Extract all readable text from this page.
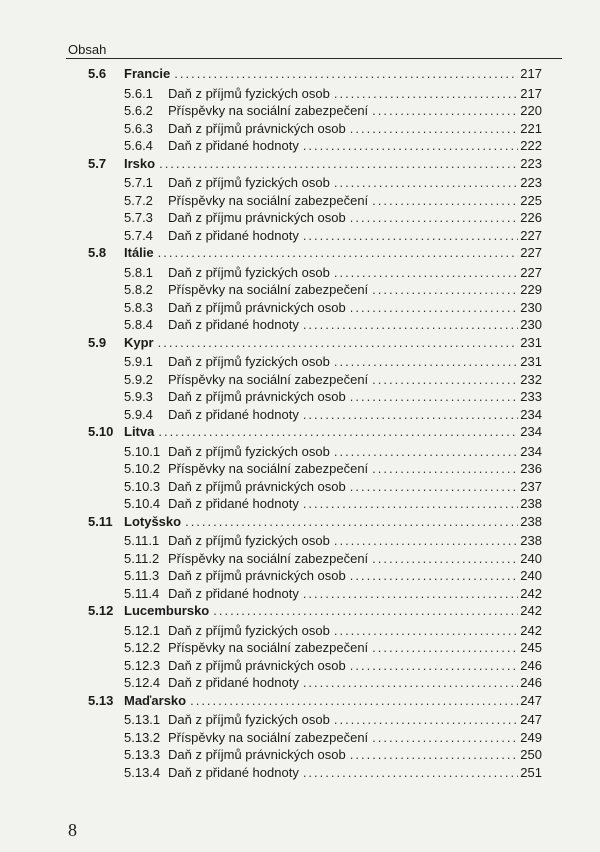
Obsah
5.6	Francie .....	217
5.6.1	Daň z příjmů fyzických osob .....	217
5.6.2	Příspěvky na sociální zabezpečení .....	220
5.6.3	Daň z příjmů právnických osob .....	221
5.6.4	Daň z přidané hodnoty .....	222
5.7	Irsko .....	223
5.7.1	Daň z příjmů fyzických osob .....	223
5.7.2	Příspěvky na sociální zabezpečení .....	225
5.7.3	Daň z příjmu právnických osob .....	226
5.7.4	Daň z přidané hodnoty .....	227
5.8	Itálie .....	227
5.8.1	Daň z příjmů fyzických osob .....	227
5.8.2	Příspěvky na sociální zabezpečení .....	229
5.8.3	Daň z příjmů právnických osob .....	230
5.8.4	Daň z přidané hodnoty .....	230
5.9	Kypr .....	231
5.9.1	Daň z příjmů fyzických osob .....	231
5.9.2	Příspěvky na sociální zabezpečení .....	232
5.9.3	Daň z příjmů právnických osob .....	233
5.9.4	Daň z přidané hodnoty .....	234
5.10 Litva .....	234
5.10.1 Daň z příjmů fyzických osob .....	234
5.10.2 Příspěvky na sociální zabezpečení .....	236
5.10.3 Daň z příjmů právnických osob .....	237
5.10.4 Daň z přidané hodnoty .....	238
5.11 Lotyšsko .....	238
5.11.1 Daň z příjmů fyzických osob .....	238
5.11.2 Příspěvky na sociální zabezpečení .....	240
5.11.3 Daň z příjmů právnických osob .....	240
5.11.4 Daň z přidané hodnoty .....	242
5.12 Lucembursko .....	242
5.12.1 Daň z příjmů fyzických osob .....	242
5.12.2 Příspěvky na sociální zabezpečení .....	245
5.12.3 Daň z příjmů právnických osob .....	246
5.12.4 Daň z přidané hodnoty .....	246
5.13 Maďarsko .....	247
5.13.1 Daň z příjmů fyzických osob .....	247
5.13.2 Příspěvky na sociální zabezpečení .....	249
5.13.3 Daň z příjmů právnických osob .....	250
5.13.4 Daň z přidané hodnoty .....	251
8
